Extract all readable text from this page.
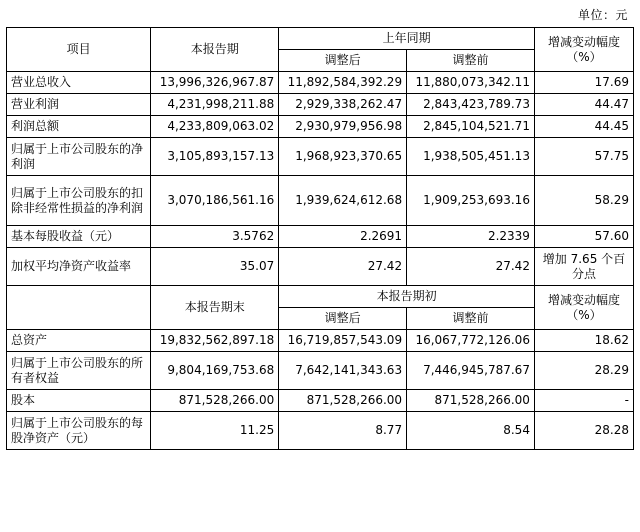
单位：元
项目	本报告期	上年同期		增减变动幅度（%）
		调整后	调整前	
营业总收入	13,996,326,967.87	11,892,584,392.29	11,880,073,342.11	17.69
营业利润	4,231,998,211.88	2,929,338,262.47	2,843,423,789.73	44.47
利润总额	4,233,809,063.02	2,930,979,956.98	2,845,104,521.71	44.45
归属于上市公司股东的净利润	3,105,893,157.13	1,968,923,370.65	1,938,505,451.13	57.75
归属于上市公司股东的扣除非经常性损益的净利润	3,070,186,561.16	1,939,624,612.68	1,909,253,693.16	58.29
基本每股收益（元）	3.5762	2.2691	2.2339	57.60
加权平均净资产收益率	35.07	27.42	27.42	增加 7.65 个百分点
	本报告期末	本报告期初		增减变动幅度（%）
		调整后	调整前	
总资产	19,832,562,897.18	16,719,857,543.09	16,067,772,126.06	18.62
归属于上市公司股东的所有者权益	9,804,169,753.68	7,642,141,343.63	7,446,945,787.67	28.29
股本	871,528,266.00	871,528,266.00	871,528,266.00	-
归属于上市公司股东的每股净资产（元）	11.25	8.77	8.54	28.28
